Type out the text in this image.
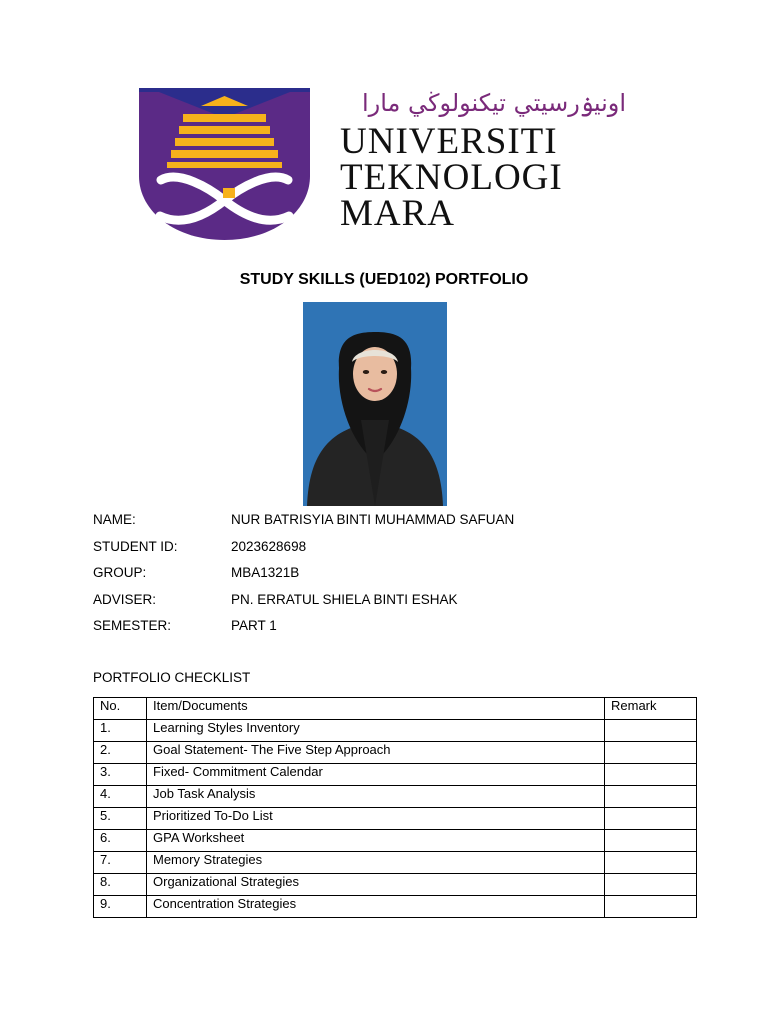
اونيۏرسيتي تيکنولوڬي مارا
UNIVERSITI
TEKNOLOGI
MARA
STUDY SKILLS (UED102) PORTFOLIO
NAME:	NUR BATRISYIA BINTI MUHAMMAD SAFUAN
STUDENT ID:	2023628698
GROUP:	MBA1321B
ADVISER:	PN. ERRATUL SHIELA BINTI ESHAK
SEMESTER:	PART 1
PORTFOLIO CHECKLIST
No.	Item/Documents	Remark
1.	Learning Styles Inventory	
2.	Goal Statement- The Five Step Approach	
3.	Fixed- Commitment Calendar	
4.	Job Task Analysis	
5.	Prioritized To-Do List	
6.	GPA Worksheet	
7.	Memory Strategies	
8.	Organizational Strategies	
9.	Concentration Strategies	
